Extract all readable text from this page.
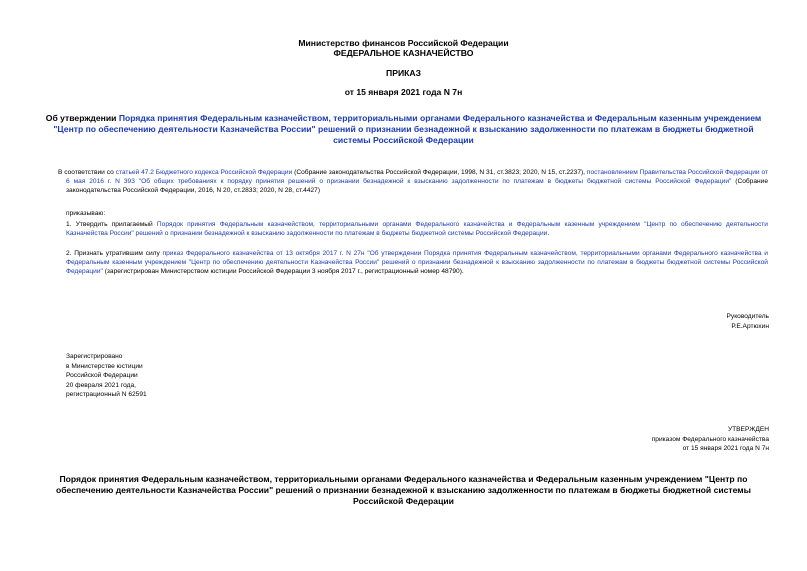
Министерство финансов Российской Федерации
ФЕДЕРАЛЬНОЕ КАЗНАЧЕЙСТВО
ПРИКАЗ
от 15 января 2021 года N 7н
Об утверждении Порядка принятия Федеральным казначейством, территориальными органами Федерального казначейства и Федеральным казенным учреждением "Центр по обеспечению деятельности Казначейства России" решений о признании безнадежной к взысканию задолженности по платежам в бюджеты бюджетной системы Российской Федерации
В соответствии со статьей 47.2 Бюджетного кодекса Российской Федерации (Собрание законодательства Российской Федерации, 1998, N 31, ст.3823; 2020, N 15, ст.2237), постановлением Правительства Российской Федерации от 6 мая 2016 г. N 393 "Об общих требованиях к порядку принятия решений о признании безнадежной к взысканию задолженности по платежам в бюджеты бюджетной системы Российской Федерации" (Собрание законодательства Российской Федерации, 2016, N 20, ст.2833; 2020, N 28, ст.4427)
приказываю:
1. Утвердить прилагаемый Порядок принятия Федеральным казначейством, территориальными органами Федерального казначейства и Федеральным казенным учреждением "Центр по обеспечению деятельности Казначейства России" решений о признании безнадежной к взысканию задолженности по платежам в бюджеты бюджетной системы Российской Федерации.
2. Признать утратившим силу приказ Федерального казначейства от 13 октября 2017 г. N 27н "Об утверждении Порядка принятия Федеральным казначейством, территориальными органами Федерального казначейства и Федеральным казенным учреждением "Центр по обеспечению деятельности Казначейства России" решений о признании безнадежной к взысканию задолженности по платежам в бюджеты бюджетной системы Российской Федерации" (зарегистрирован Министерством юстиции Российской Федерации 3 ноября 2017 г., регистрационный номер 48790).
Руководитель
Р.Е.Артюхин
Зарегистрировано
в Министерстве юстиции
Российской Федерации
20 февраля 2021 года,
регистрационный N 62591
УТВЕРЖДЕН
приказом Федерального казначейства
от 15 января 2021 года N 7н
Порядок принятия Федеральным казначейством, территориальными органами Федерального казначейства и Федеральным казенным учреждением "Центр по обеспечению деятельности Казначейства России" решений о признании безнадежной к взысканию задолженности по платежам в бюджеты бюджетной системы Российской Федерации
